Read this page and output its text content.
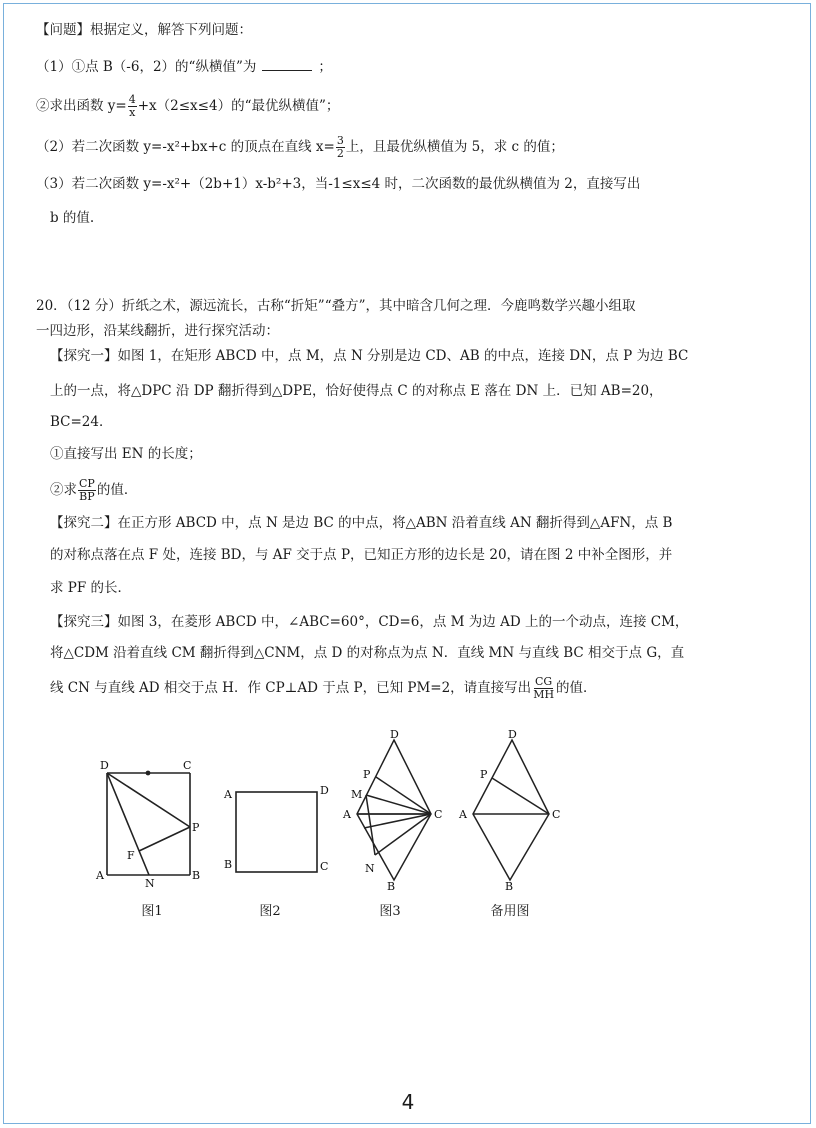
【问题】根据定义，解答下列问题：
（1）①点 B（-6，2）的“纵横值”为	；
②求出函数 $y= \frac{4}{x} +x(2\le x\le 4)$的“最优纵横值”；
（2）若二次函数 y=-x²+bx+c 的顶点在直线 $x= \frac{3}{2}$ 上，且最优纵横值为 5，求 c 的值；
（3）若二次函数 y=-x²+（2b+1）x-b²+3，当-1≤x≤4 时，二次函数的最优纵横值为 2，直接写出
b 的值.
20．（12 分）折纸之术，源远流长，古称“折矩”“叠方”，其中暗含几何之理．今鹿鸣数学兴趣小组取
一四边形，沿某线翻折，进行探究活动：
【探究一】如图 1，在矩形 ABCD 中，点 M，点 N 分别是边 CD、AB 的中点，连接 DN，点 P 为边 BC
上的一点，将△DPC 沿 DP 翻折得到△DPE，恰好使得点 C 的对称点 E 落在 DN 上．已知 AB=20，
BC=24．
①直接写出 EN 的长度；
②求 $\frac{CP}{BP}$ 的值．
【探究二】在正方形 ABCD 中，点 N 是边 BC 的中点，将△ABN 沿着直线 AN 翻折得到△AFN，点 B
的对称点落在点 F 处，连接 BD，与 AF 交于点 P，已知正方形的边长是 20，请在图 2 中补全图形，并
求 PF 的长．
【探究三】如图 3，在菱形 ABCD 中，∠ABC=60°，CD=6，点 M 为边 AD 上的一个动点，连接 CM，
将△CDM 沿着直线 CM 翻折得到△CNM，点 D 的对称点为点 N．直线 MN 与直线 BC 相交于点 G，直
线 CN 与直线 AD 相交于点 H．作 CP⊥AD 于点 P，已知 PM=2，请直接写出 $\frac{CG}{MH}$ 的值．
D	C
P
F
A
N
B
图1
A	D
B	C
图2
D
P
M
A	C
N
B
图3
D
P
A	C
B
备用图
4
